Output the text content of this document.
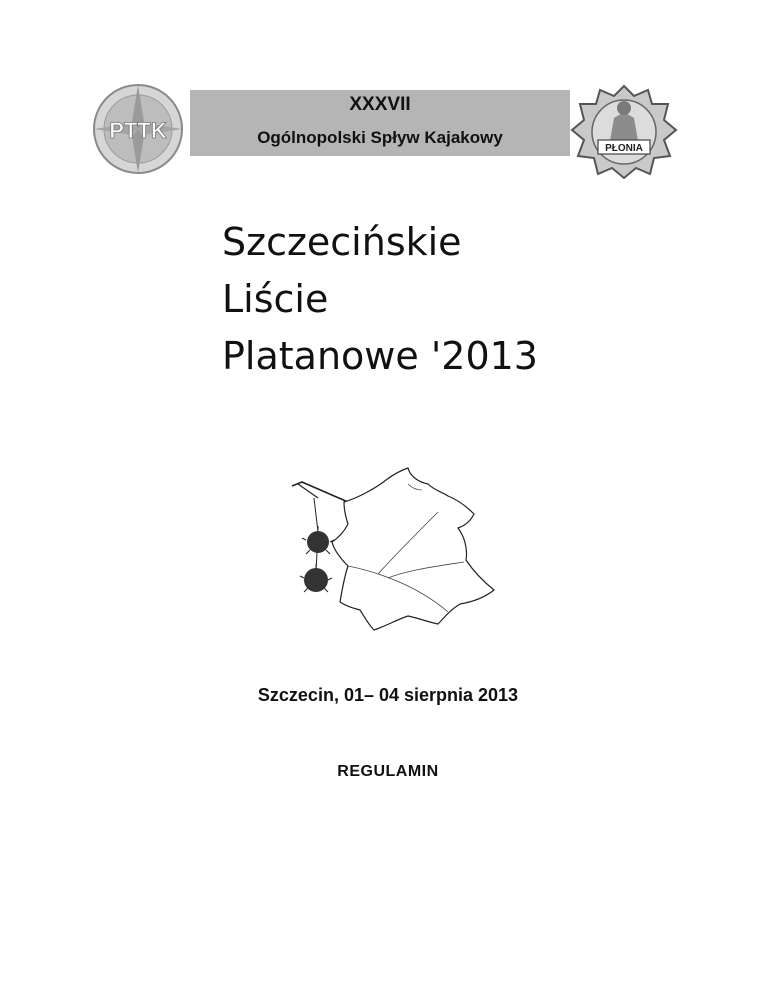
PTTK
XXXVII
Ogólnopolski Spływ Kajakowy
PŁONIA
Szczecińskie
Liście
Platanowe '2013
Szczecin, 01– 04 sierpnia 2013
REGULAMIN
